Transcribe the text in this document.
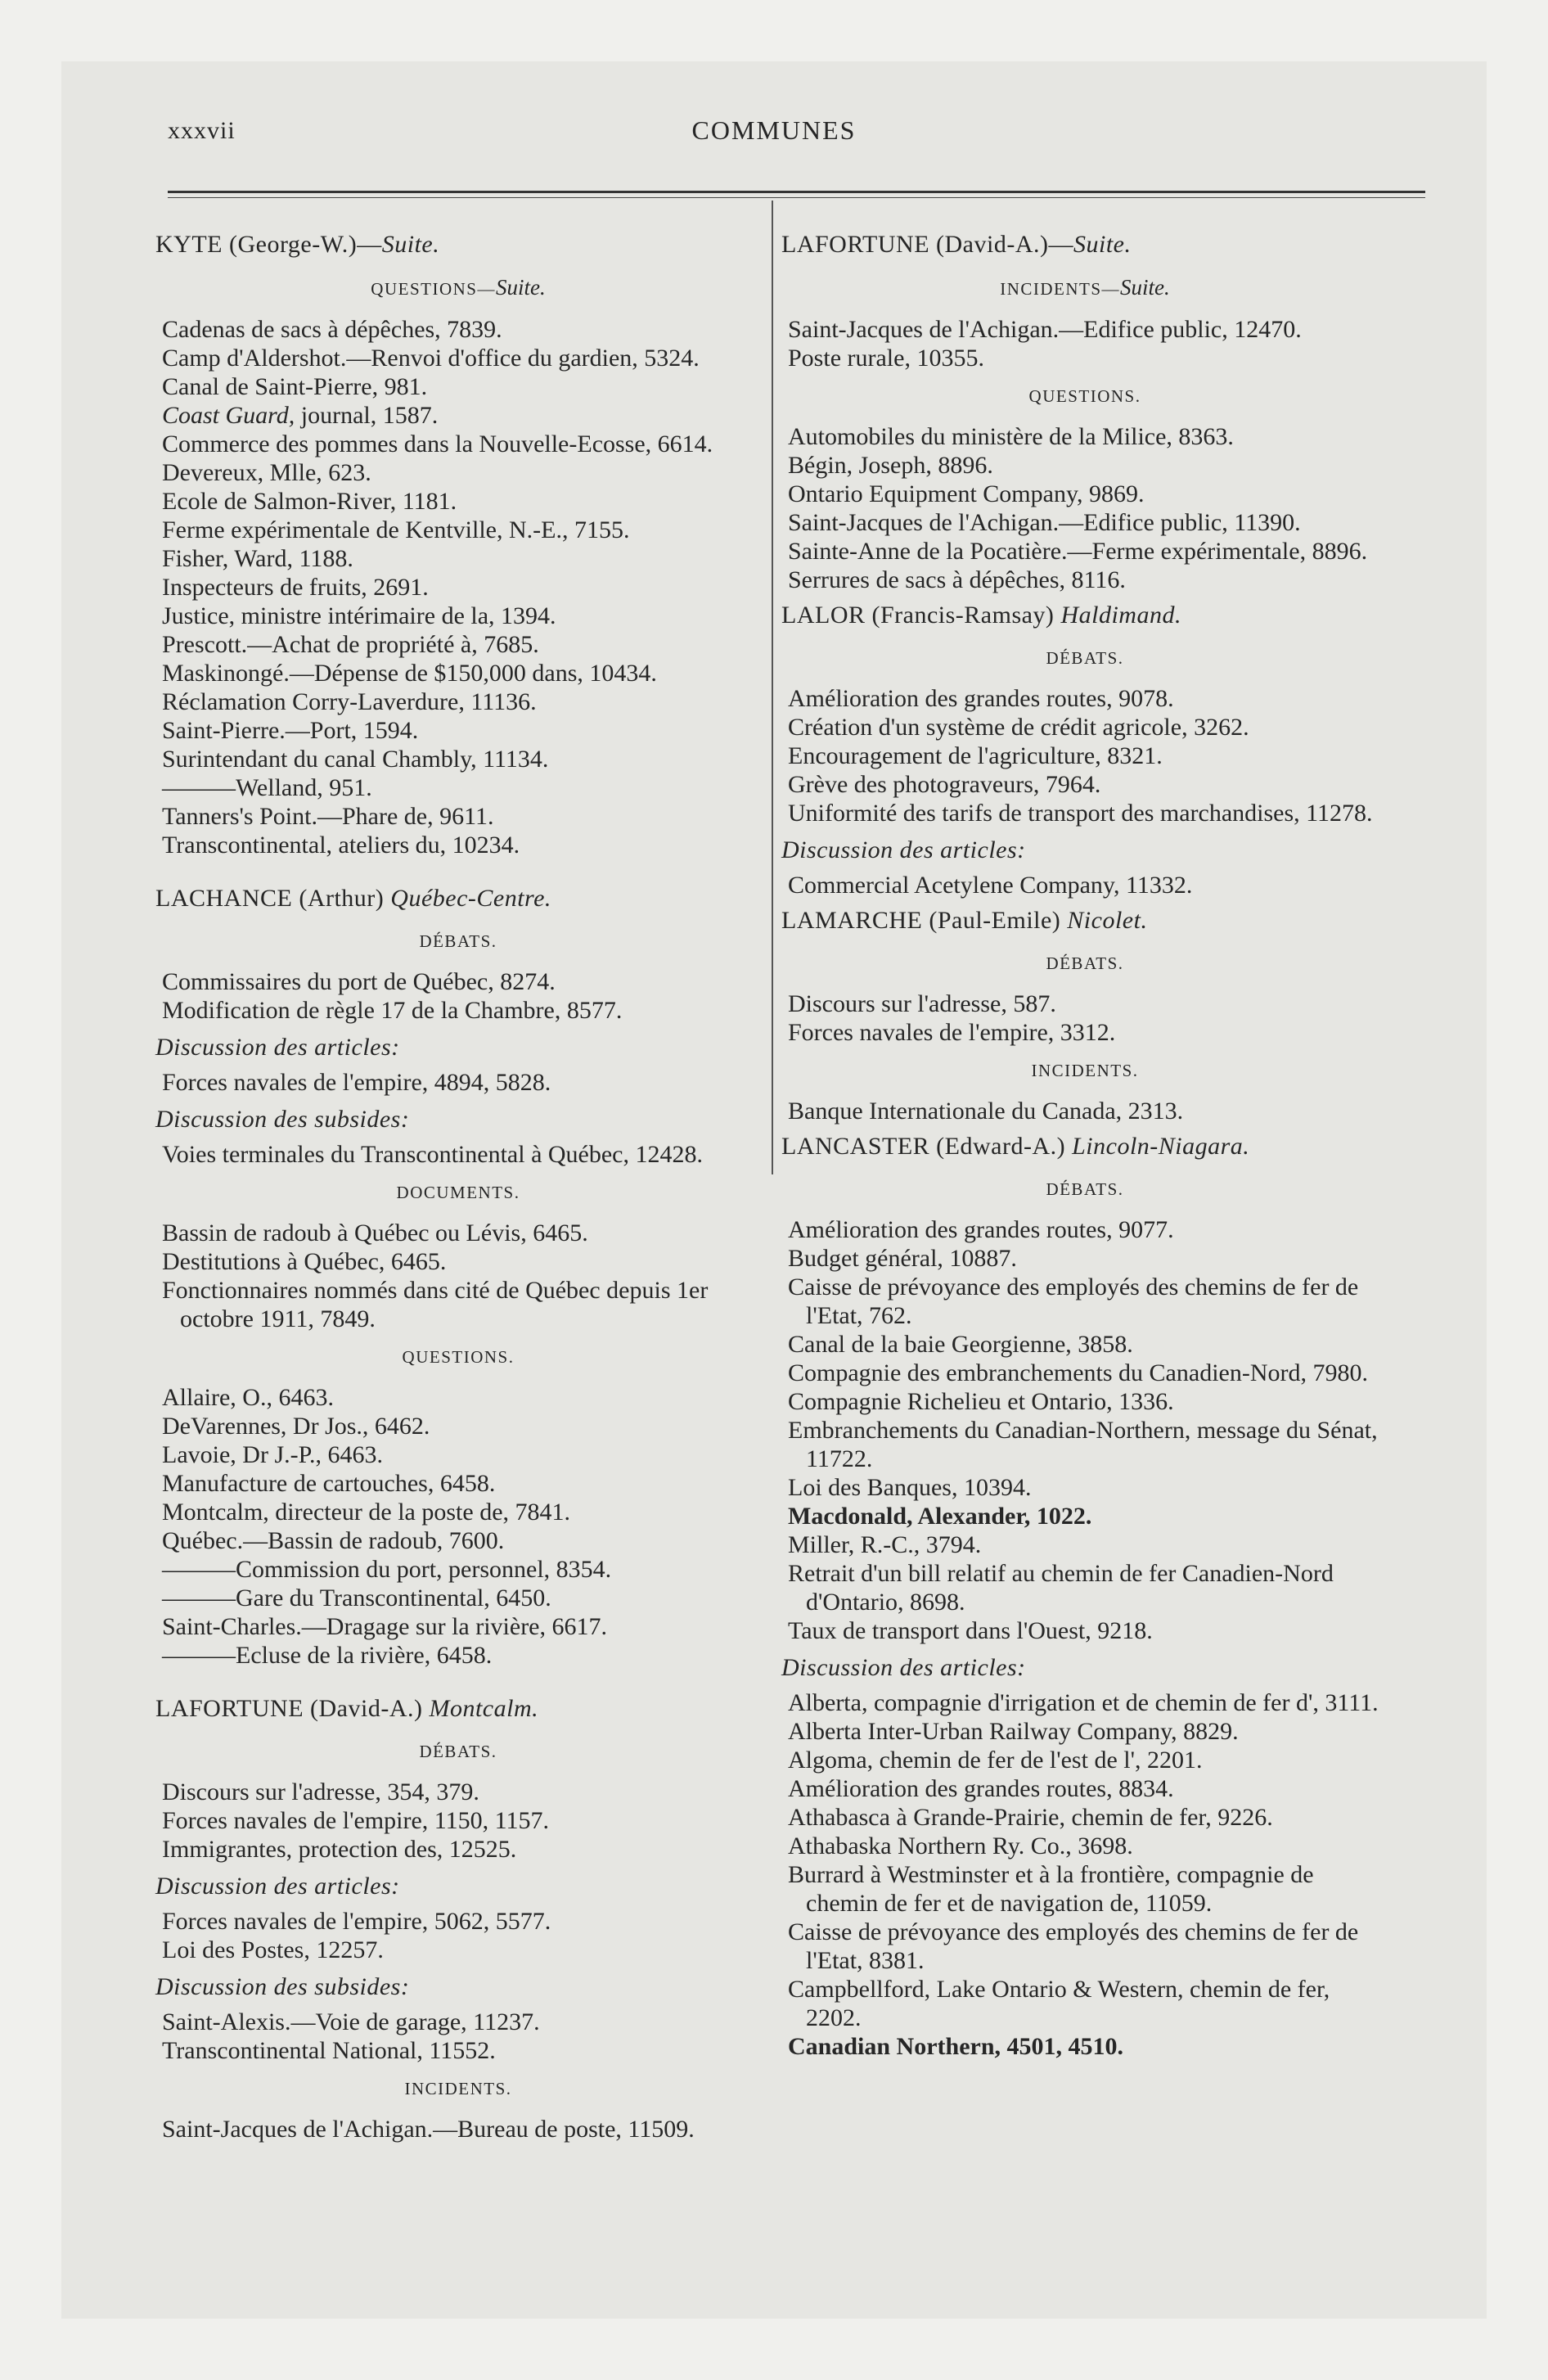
xxxvii	COMMUNES
KYTE (George-W.)—Suite.
QUESTIONS—Suite.
Cadenas de sacs à dépêches, 7839.
Camp d'Aldershot.—Renvoi d'office du gardien, 5324.
Canal de Saint-Pierre, 981.
Coast Guard, journal, 1587.
Commerce des pommes dans la Nouvelle-Ecosse, 6614.
Devereux, Mlle, 623.
Ecole de Salmon-River, 1181.
Ferme expérimentale de Kentville, N.-E., 7155.
Fisher, Ward, 1188.
Inspecteurs de fruits, 2691.
Justice, ministre intérimaire de la, 1394.
Prescott.—Achat de propriété à, 7685.
Maskinongé.—Dépense de $150,000 dans, 10434.
Réclamation Corry-Laverdure, 11136.
Saint-Pierre.—Port, 1594.
Surintendant du canal Chambly, 11134.
———Welland, 951.
Tanners's Point.—Phare de, 9611.
Transcontinental, ateliers du, 10234.
LACHANCE (Arthur) Québec-Centre.
DÉBATS.
Commissaires du port de Québec, 8274.
Modification de règle 17 de la Chambre, 8577.
Discussion des articles:
Forces navales de l'empire, 4894, 5828.
Discussion des subsides:
Voies terminales du Transcontinental à Québec, 12428.
DOCUMENTS.
Bassin de radoub à Québec ou Lévis, 6465.
Destitutions à Québec, 6465.
Fonctionnaires nommés dans cité de Québec depuis 1er octobre 1911, 7849.
QUESTIONS.
Allaire, O., 6463.
DeVarennes, Dr Jos., 6462.
Lavoie, Dr J.-P., 6463.
Manufacture de cartouches, 6458.
Montcalm, directeur de la poste de, 7841.
Québec.—Bassin de radoub, 7600.
———Commission du port, personnel, 8354.
———Gare du Transcontinental, 6450.
Saint-Charles.—Dragage sur la rivière, 6617.
———Ecluse de la rivière, 6458.
LAFORTUNE (David-A.) Montcalm.
DÉBATS.
Discours sur l'adresse, 354, 379.
Forces navales de l'empire, 1150, 1157.
Immigrantes, protection des, 12525.
Discussion des articles:
Forces navales de l'empire, 5062, 5577.
Loi des Postes, 12257.
Discussion des subsides:
Saint-Alexis.—Voie de garage, 11237.
Transcontinental National, 11552.
INCIDENTS.
Saint-Jacques de l'Achigan.—Bureau de poste, 11509.
LAFORTUNE (David-A.)—Suite.
INCIDENTS—Suite.
Saint-Jacques de l'Achigan.—Edifice public, 12470.
Poste rurale, 10355.
QUESTIONS.
Automobiles du ministère de la Milice, 8363.
Bégin, Joseph, 8896.
Ontario Equipment Company, 9869.
Saint-Jacques de l'Achigan.—Edifice public, 11390.
Sainte-Anne de la Pocatière.—Ferme expérimentale, 8896.
Serrures de sacs à dépêches, 8116.
LALOR (Francis-Ramsay) Haldimand.
DÉBATS.
Amélioration des grandes routes, 9078.
Création d'un système de crédit agricole, 3262.
Encouragement de l'agriculture, 8321.
Grève des photograveurs, 7964.
Uniformité des tarifs de transport des marchandises, 11278.
Discussion des articles:
Commercial Acetylene Company, 11332.
LAMARCHE (Paul-Emile) Nicolet.
DÉBATS.
Discours sur l'adresse, 587.
Forces navales de l'empire, 3312.
INCIDENTS.
Banque Internationale du Canada, 2313.
LANCASTER (Edward-A.) Lincoln-Niagara.
DÉBATS.
Amélioration des grandes routes, 9077.
Budget général, 10887.
Caisse de prévoyance des employés des chemins de fer de l'Etat, 762.
Canal de la baie Georgienne, 3858.
Compagnie des embranchements du Canadien-Nord, 7980.
Compagnie Richelieu et Ontario, 1336.
Embranchements du Canadian-Northern, message du Sénat, 11722.
Loi des Banques, 10394.
Macdonald, Alexander, 1022.
Miller, R.-C., 3794.
Retrait d'un bill relatif au chemin de fer Canadien-Nord d'Ontario, 8698.
Taux de transport dans l'Ouest, 9218.
Discussion des articles:
Alberta, compagnie d'irrigation et de chemin de fer d', 3111.
Alberta Inter-Urban Railway Company, 8829.
Algoma, chemin de fer de l'est de l', 2201.
Amélioration des grandes routes, 8834.
Athabasca à Grande-Prairie, chemin de fer, 9226.
Athabaska Northern Ry. Co., 3698.
Burrard à Westminster et à la frontière, compagnie de chemin de fer et de navigation de, 11059.
Caisse de prévoyance des employés des chemins de fer de l'Etat, 8381.
Campbellford, Lake Ontario & Western, chemin de fer, 2202.
Canadian Northern, 4501, 4510.
